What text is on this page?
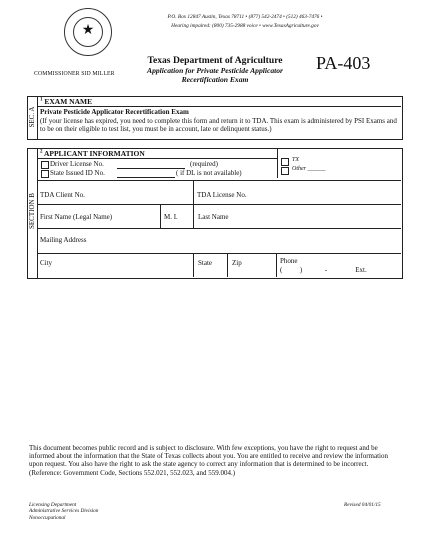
★
P.O. Box 12847 Austin, Texas 78711 • (877) 542-2474 • (512) 463-7476 •
Hearing impaired: (800) 735-2988 voice • www.TexasAgriculture.gov
COMMISSIONER SID MILLER
Texas Department of Agriculture
Application for Private Pesticide Applicator
Recertification Exam
PA-403
SEC. A
$^1$ EXAM NAME
Private Pesticide Applicator Recertification Exam
(If your license has expired, you need to complete this form and return it to TDA. This exam is administered by PSI Exams and to be on their eligible to test list, you must be in account, late or delinquent status.)
SECTION B
$^2$ APPLICANT INFORMATION
Driver License No.	(required)
State Issued ID No.	( if DL is not available)
TX
Other ______
TDA Client No.	TDA License No.
First Name (Legal Name)	M. I.	Last Name
Mailing Address
City	State	Zip	Phone
(          )             -                Ext.
This document becomes public record and is subject to disclosure. With few exceptions, you have the right to request and be informed about the information that the State of Texas collects about you. You are entitled to receive and review the information upon request. You also have the right to ask the state agency to correct any information that is determined to be incorrect. (Reference: Government Code, Sections 552.021, 552.023, and 559.004.)
Licensing Department
Administrative Services Division
Nonoccupational
Revised 04/01/15
